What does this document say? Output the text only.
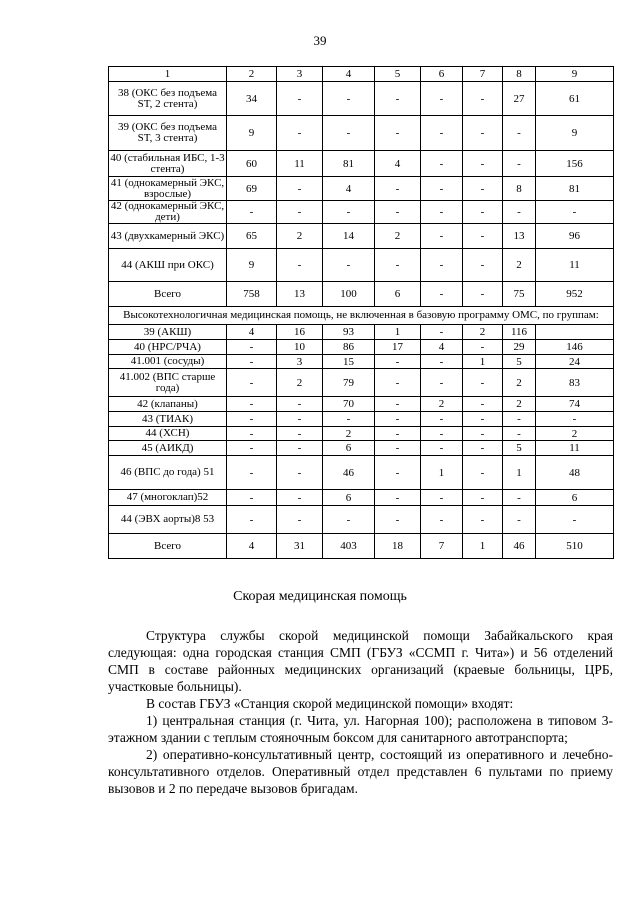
39
1	2	3	4	5	6	7	8	9
38 (ОКС без подъема ST, 2 стента)	34	-	-	-	-	-	27	61
39 (ОКС без подъема ST, 3 стента)	9	-	-	-	-	-	-	9
40 (стабильная ИБС, 1-3 стента)	60	11	81	4	-	-	-	156
41 (однокамерный ЭКС, взрослые)	69	-	4	-	-	-	8	81
42 (однокамерный ЭКС, дети)	-	-	-	-	-	-	-	-
43 (двухкамерный ЭКС)	65	2	14	2	-	-	13	96
44 (АКШ при ОКС)	9	-	-	-	-	-	2	11
Всего	758	13	100	6	-	-	75	952
Высокотехнологичная медицинская помощь, не включенная в базовую программу ОМС, по группам:								
39 (АКШ)	4	16	93	1	-	2	116	
40 (НРС/РЧА)	-	10	86	17	4	-	29	146
41.001 (сосуды)	-	3	15	-	-	1	5	24
41.002 (ВПС старше года)	-	2	79	-	-	-	2	83
42 (клапаны)	-	-	70	-	2	-	2	74
43 (ТИАК)	-	-	-	-	-	-	-	-
44 (ХСН)	-	-	2	-	-	-	-	2
45 (АИКД)	-	-	6	-	-	-	5	11
46 (ВПС до года) 51	-	-	46	-	1	-	1	48
47 (многоклап)52	-	-	6	-	-	-	-	6
44 (ЭВХ аорты)8 53	-	-	-	-	-	-	-	-
Всего	4	31	403	18	7	1	46	510
Скорая медицинская помощь

Структура службы скорой медицинской помощи Забайкальского края следующая: одна городская станция СМП (ГБУЗ «ССМП г. Чита») и 56 отделений СМП в составе районных медицинских организаций (краевые больницы, ЦРБ, участковые больницы).

В состав ГБУЗ «Станция скорой медицинской помощи» входят:

1) центральная станция (г. Чита, ул. Нагорная 100); расположена в типовом 3-этажном здании с теплым стояночным боксом для санитарного автотранспорта;

2) оперативно-консультативный центр, состоящий из оперативного и лечебно-консультативного отделов. Оперативный отдел представлен 6 пультами по приему вызовов и 2 по передаче вызовов бригадам.
